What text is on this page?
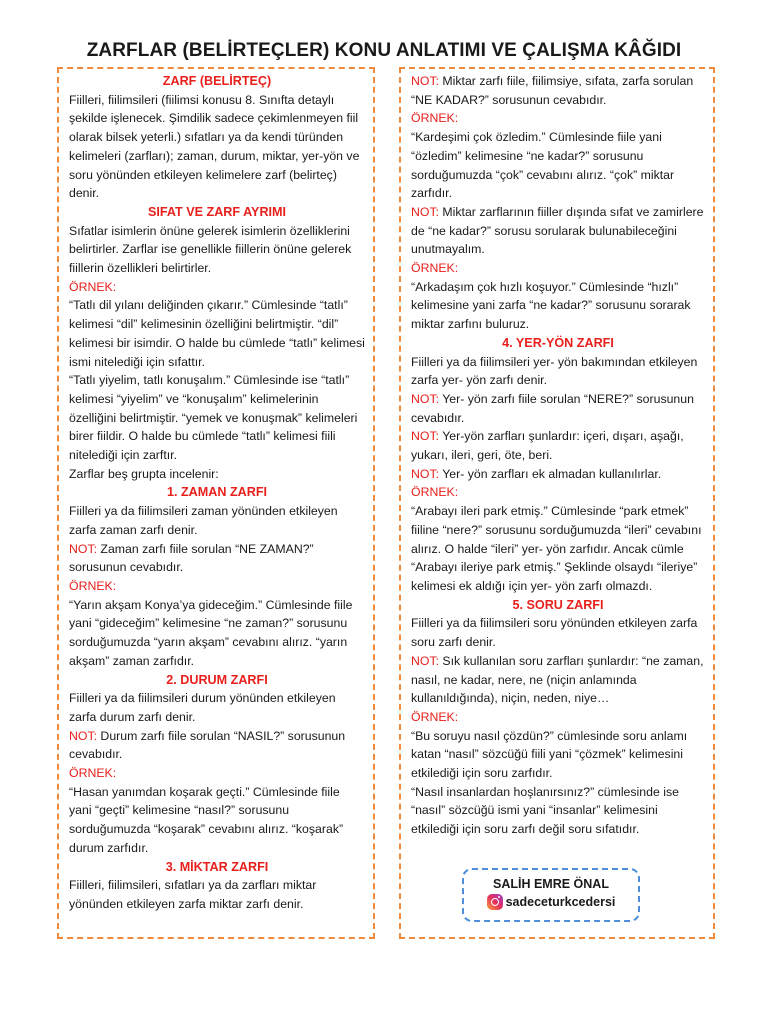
ZARFLAR (BELİRTEÇLER) KONU ANLATIMI VE ÇALIŞMA KÂĞIDI

ZARF (BELİRTEÇ)

Fiilleri, fiilimsileri (fiilimsi konusu 8. Sınıfta detaylı şekilde işlenecek. Şimdilik sadece çekimlenmeyen fiil olarak bilsek yeterli.) sıfatları ya da kendi türünden kelimeleri (zarfları); zaman, durum, miktar, yer-yön ve soru yönünden etkileyen kelimelere zarf (belirteç) denir.

SIFAT VE ZARF AYRIMI

Sıfatlar isimlerin önüne gelerek isimlerin özelliklerini belirtirler. Zarflar ise genellikle fiillerin önüne gelerek fiillerin özellikleri belirtirler.

ÖRNEK:

“Tatlı dil yılanı deliğinden çıkarır.” Cümlesinde “tatlı” kelimesi “dil” kelimesinin özelliğini belirtmiştir. “dil” kelimesi bir isimdir. O halde bu cümlede “tatlı” kelimesi ismi nitelediği için sıfattır.

“Tatlı yiyelim, tatlı konuşalım.” Cümlesinde ise “tatlı” kelimesi “yiyelim” ve “konuşalım” kelimelerinin özelliğini belirtmiştir. “yemek ve konuşmak” kelimeleri birer fiildir. O halde bu cümlede “tatlı” kelimesi fiili nitelediği için zarftır.

Zarflar beş grupta incelenir:

1. ZAMAN ZARFI

Fiilleri ya da fiilimsileri zaman yönünden etkileyen zarfa zaman zarfı denir.

NOT: Zaman zarfı fiile sorulan “NE ZAMAN?” sorusunun cevabıdır.

ÖRNEK:

“Yarın akşam Konya’ya gideceğim.” Cümlesinde fiile yani “gideceğim” kelimesine “ne zaman?” sorusunu sorduğumuzda “yarın akşam” cevabını alırız. “yarın akşam” zaman zarfıdır.

2. DURUM ZARFI

Fiilleri ya da fiilimsileri durum yönünden etkileyen zarfa durum zarfı denir.

NOT: Durum zarfı fiile sorulan “NASIL?” sorusunun cevabıdır.

ÖRNEK:

“Hasan yanımdan koşarak geçti.” Cümlesinde fiile yani “geçti” kelimesine “nasıl?” sorusunu sorduğumuzda “koşarak” cevabını alırız. “koşarak” durum zarfıdır.

3. MİKTAR ZARFI

Fiilleri, fiilimsileri, sıfatları ya da zarfları miktar yönünden etkileyen zarfa miktar zarfı denir.

NOT: Miktar zarfı fiile, fiilimsiye, sıfata, zarfa sorulan “NE KADAR?” sorusunun cevabıdır.

ÖRNEK:

“Kardeşimi çok özledim.” Cümlesinde fiile yani “özledim” kelimesine “ne kadar?” sorusunu sorduğumuzda “çok” cevabını alırız. “çok” miktar zarfıdır.

NOT: Miktar zarflarının fiiller dışında sıfat ve zamirlere de “ne kadar?” sorusu sorularak bulunabileceğini unutmayalım.

ÖRNEK:

“Arkadaşım çok hızlı koşuyor.” Cümlesinde “hızlı” kelimesine yani zarfa “ne kadar?” sorusunu sorarak miktar zarfını buluruz.

4. YER-YÖN ZARFI

Fiilleri ya da fiilimsileri yer- yön bakımından etkileyen zarfa yer- yön zarfı denir.

NOT: Yer- yön zarfı fiile sorulan “NERE?” sorusunun cevabıdır.

NOT: Yer-yön zarfları şunlardır: içeri, dışarı, aşağı, yukarı, ileri, geri, öte, beri.

NOT: Yer- yön zarfları ek almadan kullanılırlar.

ÖRNEK:

“Arabayı ileri park etmiş.” Cümlesinde “park etmek” fiiline “nere?” sorusunu sorduğumuzda “ileri” cevabını alırız. O halde “ileri” yer- yön zarfıdır. Ancak cümle “Arabayı ileriye park etmiş.” Şeklinde olsaydı “ileriye” kelimesi ek aldığı için yer- yön zarfı olmazdı.

5. SORU ZARFI

Fiilleri ya da fiilimsileri soru yönünden etkileyen zarfa soru zarfı denir.

NOT: Sık kullanılan soru zarfları şunlardır: “ne zaman, nasıl, ne kadar, nere, ne (niçin anlamında kullanıldığında), niçin, neden, niye…

ÖRNEK:

“Bu soruyu nasıl çözdün?” cümlesinde soru anlamı katan “nasıl” sözcüğü fiili yani “çözmek” kelimesini etkilediği için soru zarfıdır.

“Nasıl insanlardan hoşlanırsınız?” cümlesinde ise “nasıl” sözcüğü ismi yani “insanlar” kelimesini etkilediği için soru zarfı değil soru sıfatıdır.

SALİH EMRE ÖNAL
sadeceturkcedersi
